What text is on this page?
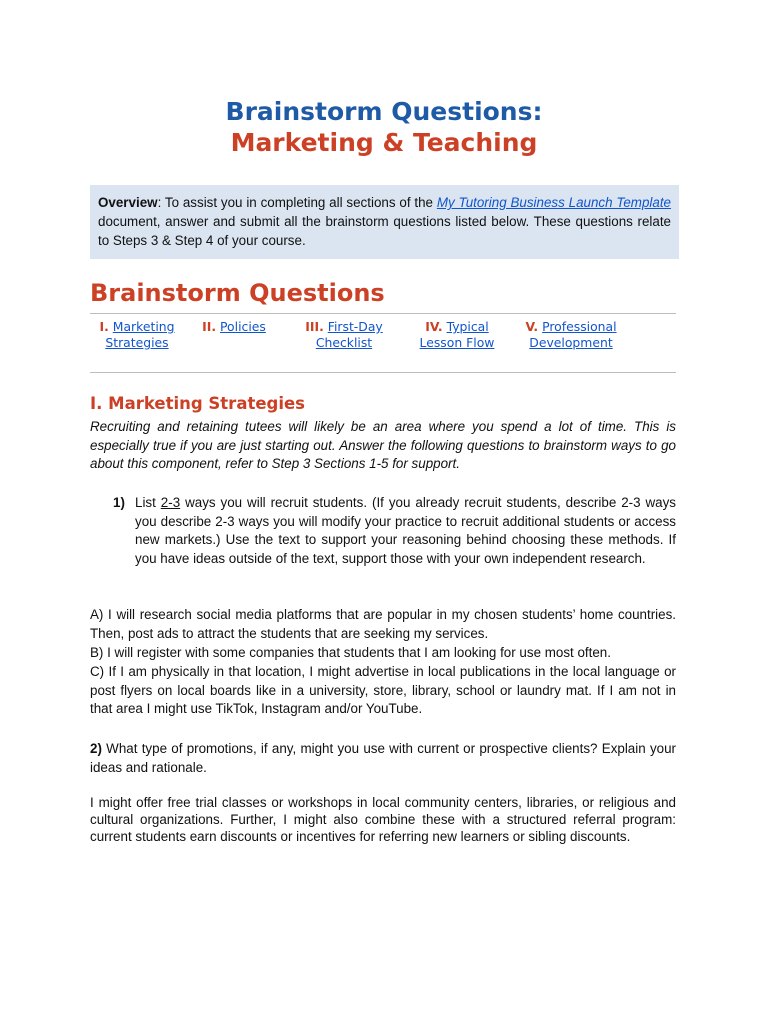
Brainstorm Questions:
Marketing & Teaching
Overview: To assist you in completing all sections of the My Tutoring Business Launch Template document, answer and submit all the brainstorm questions listed below. These questions relate to Steps 3 & Step 4 of your course.
Brainstorm Questions
I. Marketing
Strategies
II. Policies	III. First-Day
Checklist
IV. Typical
Lesson Flow
V. Professional
Development
I. Marketing Strategies

Recruiting and retaining tutees will likely be an area where you spend a lot of time. This is especially true if you are just starting out. Answer the following questions to brainstorm ways to go about this component, refer to Step 3 Sections 1-5 for support.

1) List 2-3 ways you will recruit students. (If you already recruit students, describe 2-3 ways you describe 2-3 ways you will modify your practice to recruit additional students or access new markets.) Use the text to support your reasoning behind choosing these methods. If you have ideas outside of the text, support those with your own independent research.

A) I will research social media platforms that are popular in my chosen students’ home countries. Then, post ads to attract the students that are seeking my services.

B) I will register with some companies that students that I am looking for use most often.

C) If I am physically in that location, I might advertise in local publications in the local language or post flyers on local boards like in a university, store, library, school or laundry mat. If I am not in that area I might use TikTok, Instagram and/or YouTube.

2) What type of promotions, if any, might you use with current or prospective clients? Explain your ideas and rationale.

I might offer free trial classes or workshops in local community centers, libraries, or religious and cultural organizations. Further, I might also combine these with a structured referral program: current students earn discounts or incentives for referring new learners or sibling discounts.
